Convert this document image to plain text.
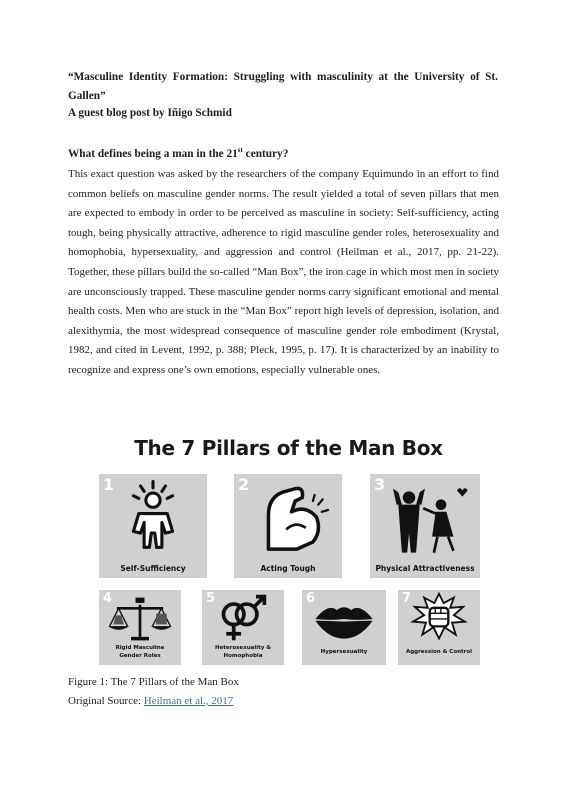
“Masculine Identity Formation: Struggling with masculinity at the University of St. Gallen”
A guest blog post by Iñigo Schmid
What defines being a man in the 21st century?

This exact question was asked by the researchers of the company Equimundo in an effort to find common beliefs on masculine gender norms. The result yielded a total of seven pillars that men are expected to embody in order to be perceived as masculine in society: Self-sufficiency, acting tough, being physically attractive, adherence to rigid masculine gender roles, heterosexuality and homophobia, hypersexuality, and aggression and control (Heilman et al., 2017, pp. 21-22). Together, these pillars build the so-called “Man Box”, the iron cage in which most men in society are unconsciously trapped. These masculine gender norms carry significant emotional and mental health costs. Men who are stuck in the “Man Box” report high levels of depression, isolation, and alexithymia, the most widespread consequence of masculine gender role embodiment (Krystal, 1982, and cited in Levent, 1992, p. 388; Pleck, 1995, p. 17). It is characterized by an inability to recognize and express one’s own emotions, especially vulnerable ones.

The 7 Pillars of the Man Box
1
Self-Sufficiency
2
Acting Tough
3
Physical Attractiveness
4
Rigid Masculine
Gender Roles
5
Heterosexuality &
Homophobia
6
Hypersexuality
7
Aggression & Control
Figure 1: The 7 Pillars of the Man Box
Original Source: Heilman et al., 2017
